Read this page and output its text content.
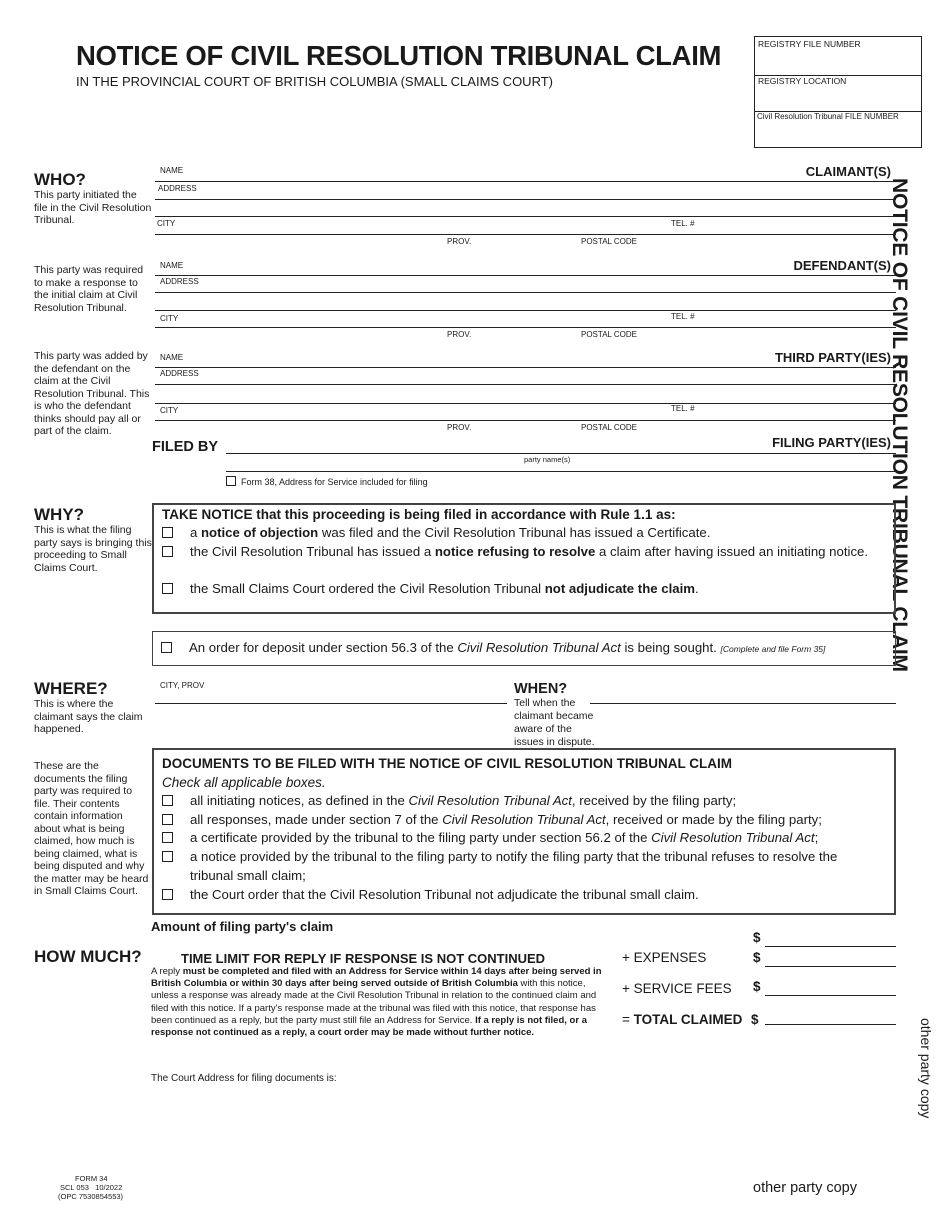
NOTICE OF CIVIL RESOLUTION TRIBUNAL CLAIM
IN THE PROVINCIAL COURT OF BRITISH COLUMBIA (SMALL CLAIMS COURT)
REGISTRY FILE NUMBER
REGISTRY LOCATION
Civil Resolution Tribunal FILE NUMBER
NOTICE OF CIVIL RESOLUTION TRIBUNAL CLAIM
other party copy
WHO?
This party initiated the file in the Civil Resolution Tribunal.
This party was required to make a response to the initial claim at Civil Resolution Tribunal.
This party was added by the defendant on the claim at the Civil Resolution Tribunal. This is who the defendant thinks should pay all or part of the claim.
CLAIMANT(S)
NAME
ADDRESS
CITY	TEL. #
PROV.	POSTAL CODE
DEFENDANT(S)
NAME
ADDRESS
CITY	TEL. #
PROV.	POSTAL CODE
THIRD PARTY(IES)
NAME
ADDRESS
CITY	TEL. #
PROV.	POSTAL CODE
FILED BY	FILING PARTY(IES)
party name(s)
Form 38, Address for Service included for filing
WHY?
This is what the filing party says is bringing this proceeding to Small Claims Court.
TAKE NOTICE that this proceeding is being filed in accordance with Rule 1.1 as:
a notice of objection was filed and the Civil Resolution Tribunal has issued a Certificate.
the Civil Resolution Tribunal has issued a notice refusing to resolve a claim after having issued an initiating notice.
the Small Claims Court ordered the Civil Resolution Tribunal not adjudicate the claim.
An order for deposit under section 56.3 of the Civil Resolution Tribunal Act is being sought. [Complete and file Form 35]
WHERE?
This is where the claimant says the claim happened.
CITY, PROV	WHEN?
Tell when the claimant became aware of the issues in dispute.
These are the documents the filing party was required to file. Their contents contain information about what is being claimed, how much is being claimed, what is being disputed and why the matter may be heard in Small Claims Court.
DOCUMENTS TO BE FILED WITH THE NOTICE OF CIVIL RESOLUTION TRIBUNAL CLAIM
Check all applicable boxes.
all initiating notices, as defined in the Civil Resolution Tribunal Act, received by the filing party;
all responses, made under section 7 of the Civil Resolution Tribunal Act, received or made by the filing party;
a certificate provided by the tribunal to the filing party under section 56.2 of the Civil Resolution Tribunal Act;
a notice provided by the tribunal to the filing party to notify the filing party that the tribunal refuses to resolve the tribunal small claim;
the Court order that the Civil Resolution Tribunal not adjudicate the tribunal small claim.
Amount of filing party's claim
HOW MUCH?
$
+ EXPENSES	$
+ SERVICE FEES $
= TOTAL CLAIMED $
TIME LIMIT FOR REPLY IF RESPONSE IS NOT CONTINUED
A reply must be completed and filed with an Address for Service within 14 days after being served in British Columbia or within 30 days after being served outside of British Columbia with this notice, unless a response was already made at the Civil Resolution Tribunal in relation to the continued claim and filed with this notice. If a party's response made at the tribunal was filed with this notice, that response has been continued as a reply, but the party must still file an Address for Service. If a reply is not filed, or a response not continued as a reply, a court order may be made without further notice.
The Court Address for filing documents is:
FORM 34
SCL 053   10/2022
(OPC 7530854553)
other party copy
